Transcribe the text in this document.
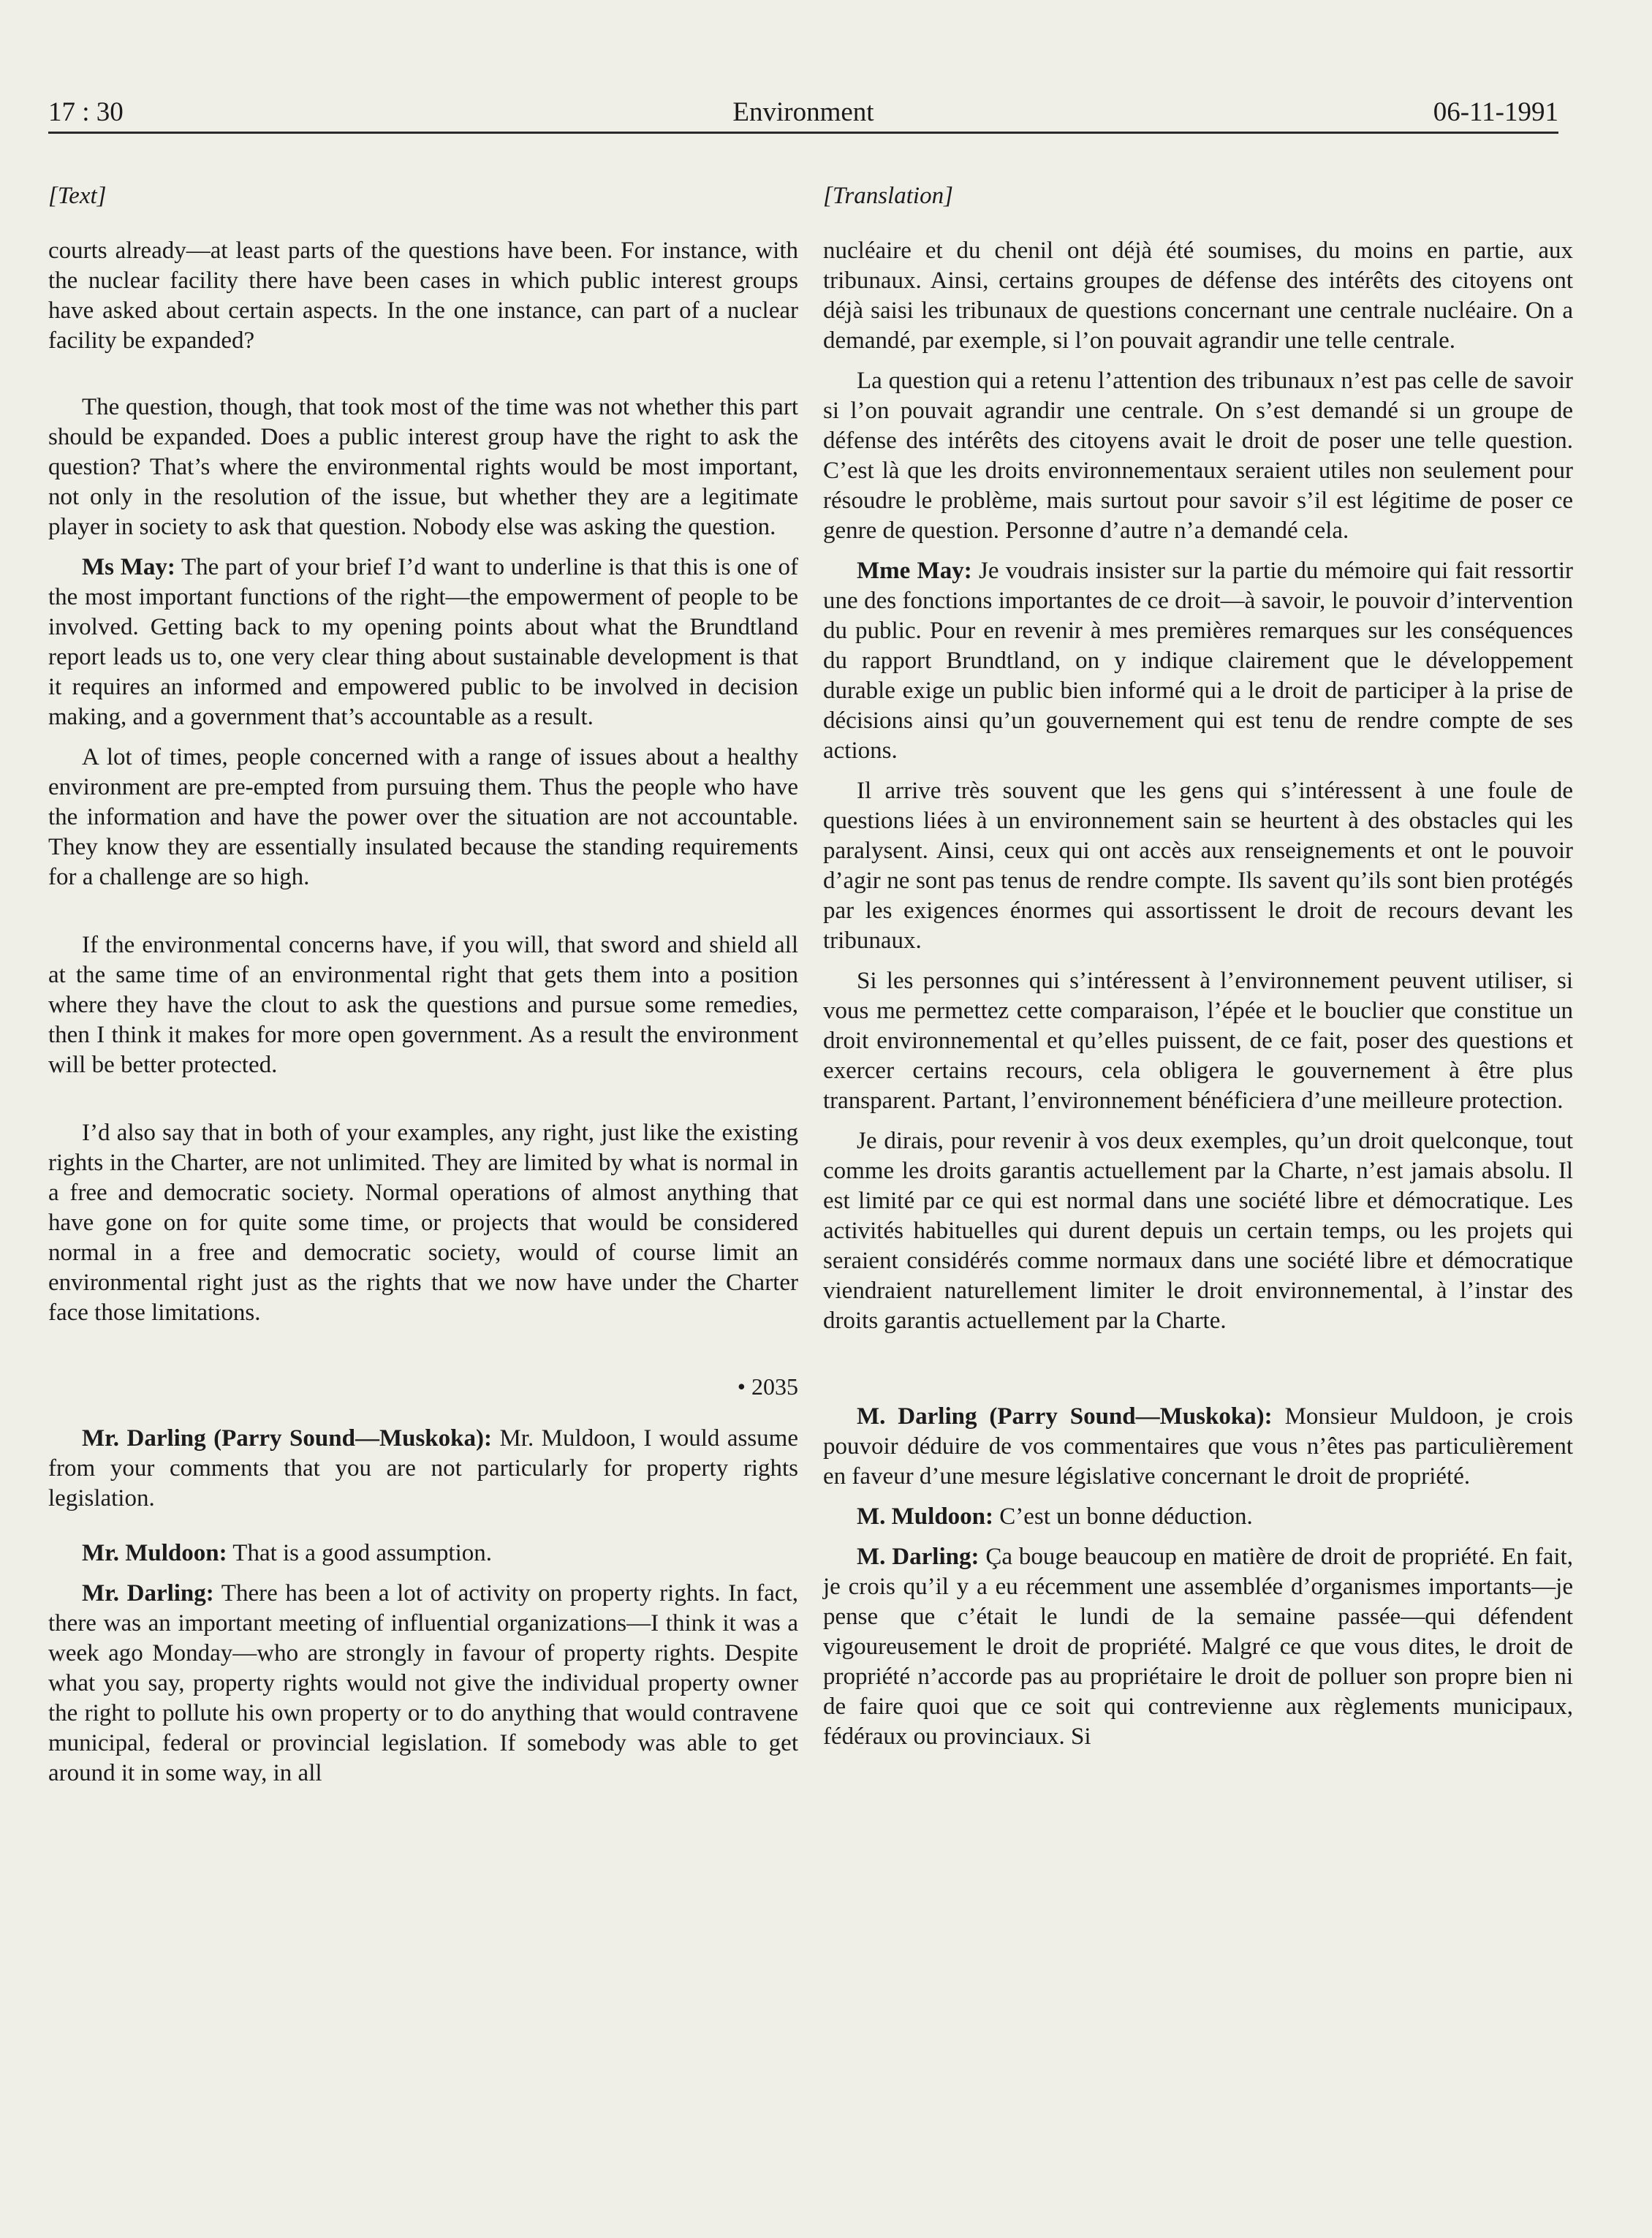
17 : 30	Environment	06-11-1991

[Text]

courts already—at least parts of the questions have been. For instance, with the nuclear facility there have been cases in which public interest groups have asked about certain aspects. In the one instance, can part of a nuclear facility be expanded?

The question, though, that took most of the time was not whether this part should be expanded. Does a public interest group have the right to ask the question? That’s where the environmental rights would be most important, not only in the resolution of the issue, but whether they are a legitimate player in society to ask that question. Nobody else was asking the question.

Ms May: The part of your brief I’d want to underline is that this is one of the most important functions of the right—the empowerment of people to be involved. Getting back to my opening points about what the Brundtland report leads us to, one very clear thing about sustainable development is that it requires an informed and empowered public to be involved in decision making, and a government that’s accountable as a result.

A lot of times, people concerned with a range of issues about a healthy environment are pre-empted from pursuing them. Thus the people who have the information and have the power over the situation are not accountable. They know they are essentially insulated because the standing requirements for a challenge are so high.

If the environmental concerns have, if you will, that sword and shield all at the same time of an environmental right that gets them into a position where they have the clout to ask the questions and pursue some remedies, then I think it makes for more open government. As a result the environment will be better protected.

I’d also say that in both of your examples, any right, just like the existing rights in the Charter, are not unlimited. They are limited by what is normal in a free and democratic society. Normal operations of almost anything that have gone on for quite some time, or projects that would be considered normal in a free and democratic society, would of course limit an environmental right just as the rights that we now have under the Charter face those limitations.

• 2035

Mr. Darling (Parry Sound—Muskoka): Mr. Muldoon, I would assume from your comments that you are not particularly for property rights legislation.

Mr. Muldoon: That is a good assumption.

Mr. Darling: There has been a lot of activity on property rights. In fact, there was an important meeting of influential organizations—I think it was a week ago Monday—who are strongly in favour of property rights. Despite what you say, property rights would not give the individual property owner the right to pollute his own property or to do anything that would contravene municipal, federal or provincial legislation. If somebody was able to get around it in some way, in all

[Translation]

nucléaire et du chenil ont déjà été soumises, du moins en partie, aux tribunaux. Ainsi, certains groupes de défense des intérêts des citoyens ont déjà saisi les tribunaux de questions concernant une centrale nucléaire. On a demandé, par exemple, si l’on pouvait agrandir une telle centrale.

La question qui a retenu l’attention des tribunaux n’est pas celle de savoir si l’on pouvait agrandir une centrale. On s’est demandé si un groupe de défense des intérêts des citoyens avait le droit de poser une telle question. C’est là que les droits environnementaux seraient utiles non seulement pour résoudre le problème, mais surtout pour savoir s’il est légitime de poser ce genre de question. Personne d’autre n’a demandé cela.

Mme May: Je voudrais insister sur la partie du mémoire qui fait ressortir une des fonctions importantes de ce droit—à savoir, le pouvoir d’intervention du public. Pour en revenir à mes premières remarques sur les conséquences du rapport Brundtland, on y indique clairement que le développement durable exige un public bien informé qui a le droit de participer à la prise de décisions ainsi qu’un gouvernement qui est tenu de rendre compte de ses actions.

Il arrive très souvent que les gens qui s’intéressent à une foule de questions liées à un environnement sain se heurtent à des obstacles qui les paralysent. Ainsi, ceux qui ont accès aux renseignements et ont le pouvoir d’agir ne sont pas tenus de rendre compte. Ils savent qu’ils sont bien protégés par les exigences énormes qui assortissent le droit de recours devant les tribunaux.

Si les personnes qui s’intéressent à l’environnement peuvent utiliser, si vous me permettez cette comparaison, l’épée et le bouclier que constitue un droit environnemental et qu’elles puissent, de ce fait, poser des questions et exercer certains recours, cela obligera le gouvernement à être plus transparent. Partant, l’environnement bénéficiera d’une meilleure protection.

Je dirais, pour revenir à vos deux exemples, qu’un droit quelconque, tout comme les droits garantis actuellement par la Charte, n’est jamais absolu. Il est limité par ce qui est normal dans une société libre et démocratique. Les activités habituelles qui durent depuis un certain temps, ou les projets qui seraient considérés comme normaux dans une société libre et démocratique viendraient naturellement limiter le droit environnemental, à l’instar des droits garantis actuellement par la Charte.

M. Darling (Parry Sound—Muskoka): Monsieur Muldoon, je crois pouvoir déduire de vos commentaires que vous n’êtes pas particulièrement en faveur d’une mesure législative concernant le droit de propriété.

M. Muldoon: C’est un bonne déduction.

M. Darling: Ça bouge beaucoup en matière de droit de propriété. En fait, je crois qu’il y a eu récemment une assemblée d’organismes importants—je pense que c’était le lundi de la semaine passée—qui défendent vigoureusement le droit de propriété. Malgré ce que vous dites, le droit de propriété n’accorde pas au propriétaire le droit de polluer son propre bien ni de faire quoi que ce soit qui contrevienne aux règlements municipaux, fédéraux ou provinciaux. Si
